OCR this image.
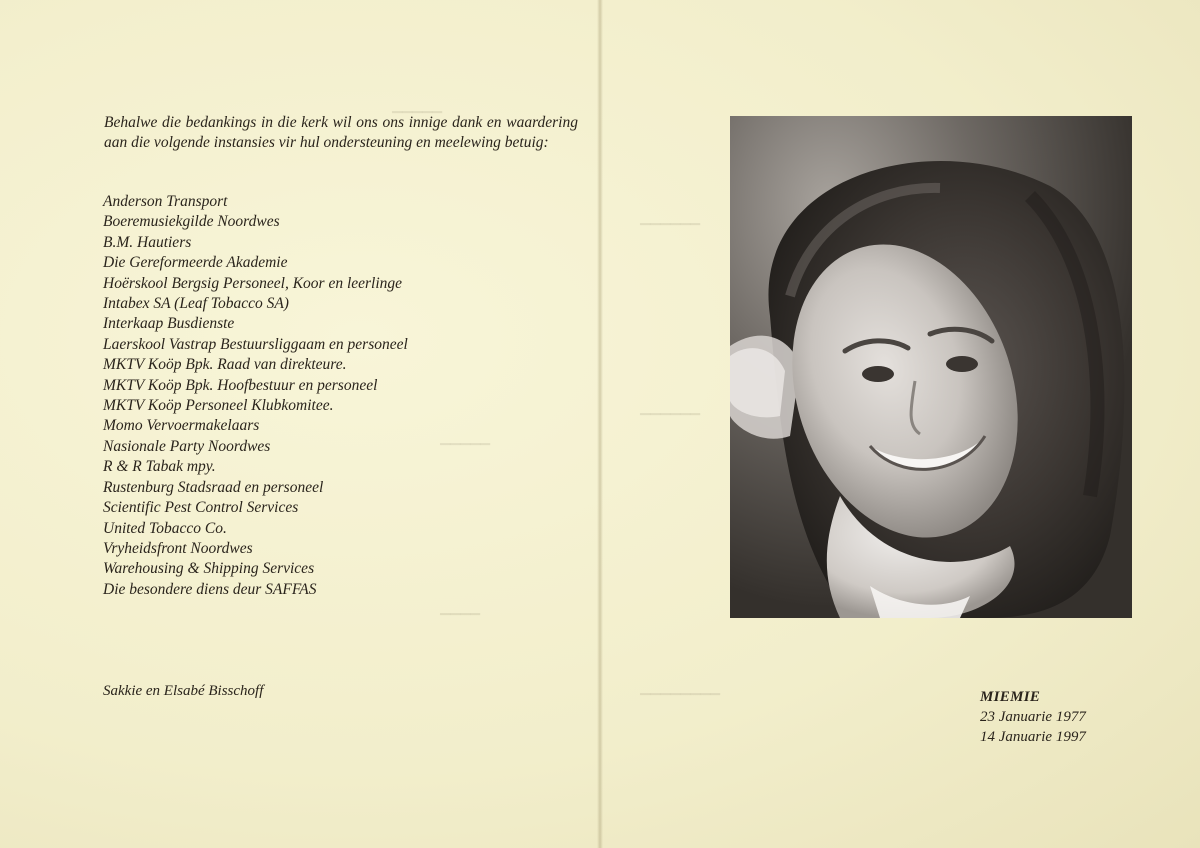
▁▁▁▁▁
▁▁▁▁▁
▁▁▁▁

Behalwe die bedankings in die kerk wil ons ons innige dank en waardering aan die volgende instansies vir hul ondersteuning en meelewing betuig:

Anderson Transport
Boeremusiekgilde Noordwes
B.M. Hautiers
Die Gereformeerde Akademie
Hoërskool Bergsig Personeel, Koor en leerlinge
Intabex SA (Leaf Tobacco SA)
Interkaap Busdienste
Laerskool Vastrap Bestuursliggaam en personeel
MKTV Koöp Bpk. Raad van direkteure.
MKTV Koöp Bpk. Hoofbestuur en personeel
MKTV Koöp Personeel Klubkomitee.
Momo Vervoermakelaars
Nasionale Party Noordwes
R & R Tabak mpy.
Rustenburg Stadsraad en personeel
Scientific Pest Control Services
United Tobacco Co.
Vryheidsfront Noordwes
Warehousing & Shipping Services
Die besondere diens deur SAFFAS

Sakkie en Elsabé Bisschoff

▁▁▁▁▁▁
▁▁▁▁▁▁
▁▁▁▁▁▁▁▁
MIEMIE
23 Januarie 1977
14 Januarie 1997
